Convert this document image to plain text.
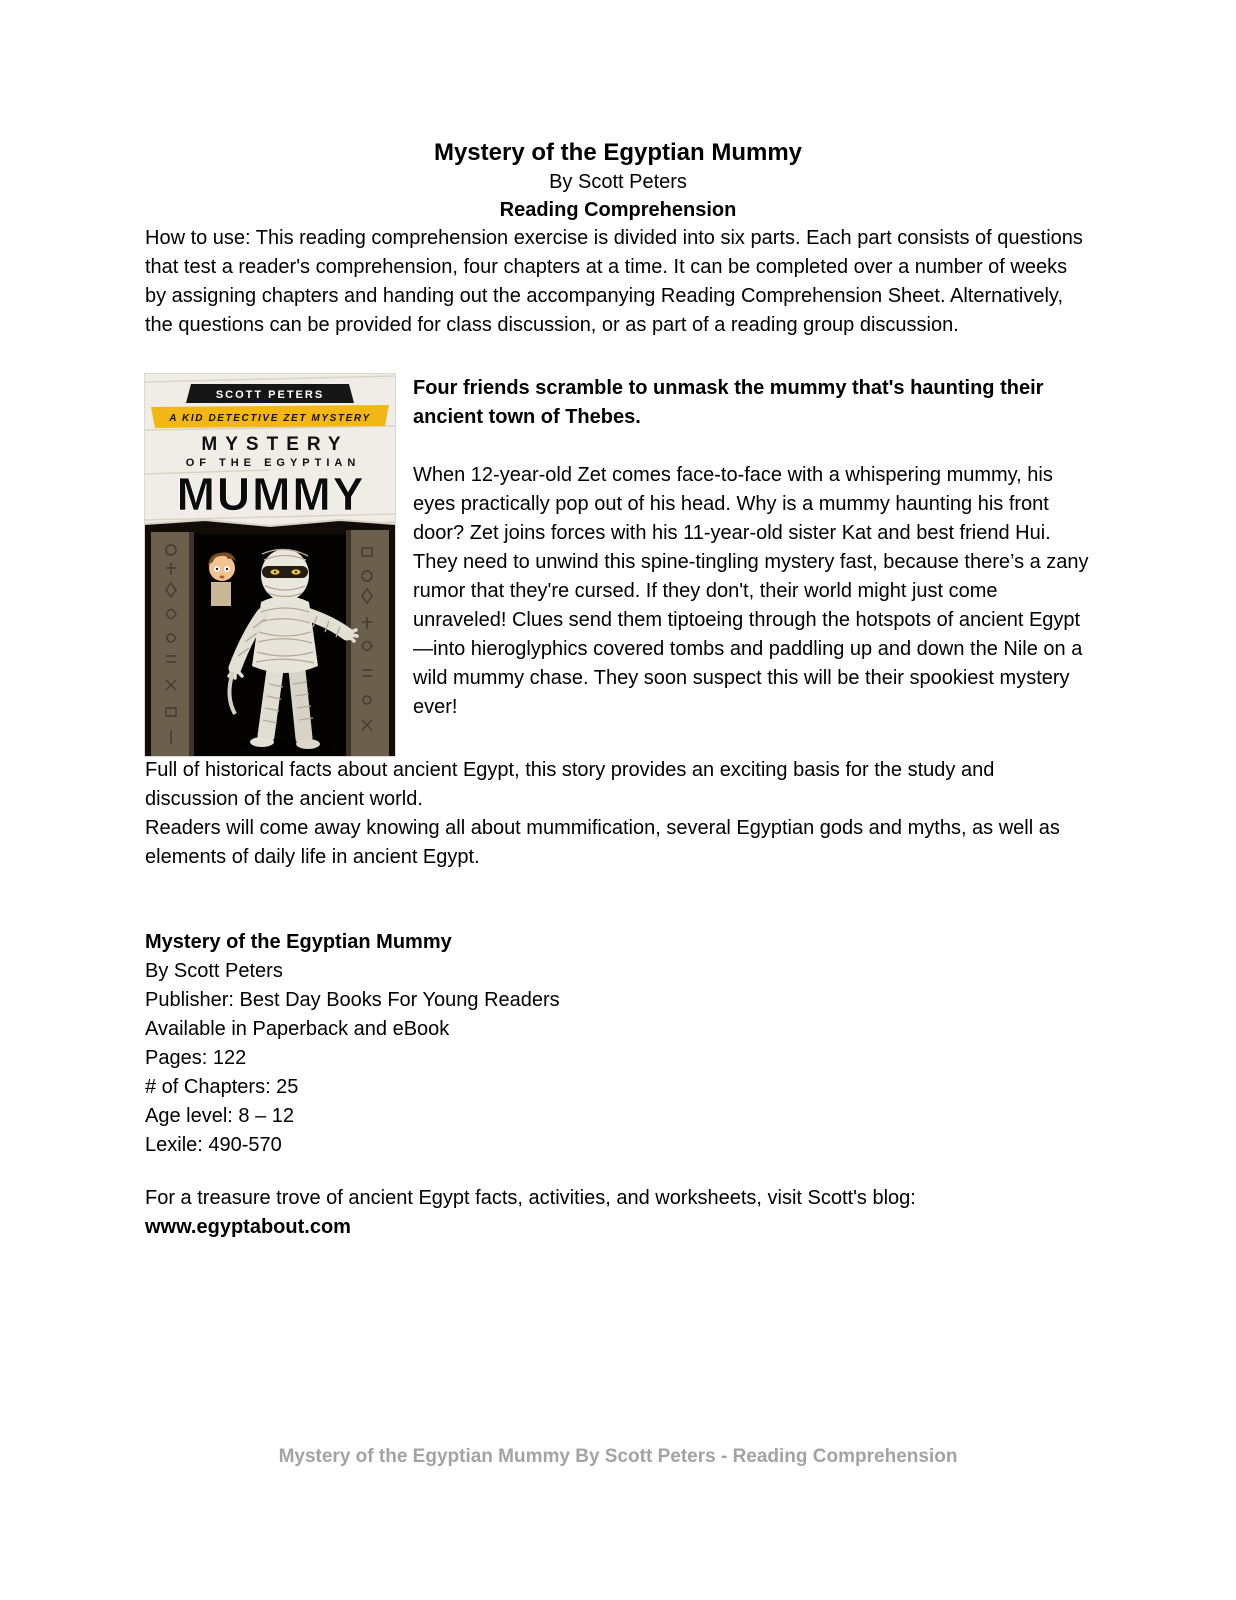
Mystery of the Egyptian Mummy

By Scott Peters

Reading Comprehension

How to use: This reading comprehension exercise is divided into six parts. Each part consists of questions that test a reader's comprehension, four chapters at a time. It can be completed over a number of weeks by assigning chapters and handing out the accompanying Reading Comprehension Sheet. Alternatively, the questions can be provided for class discussion, or as part of a reading group discussion.

SCOTT PETERS
A KID DETECTIVE ZET MYSTERY
MYSTERY
OF THE EGYPTIAN
MUMMY

Four friends scramble to unmask the mummy that's haunting their ancient town of Thebes.

When 12-year-old Zet comes face-to-face with a whispering mummy, his eyes practically pop out of his head. Why is a mummy haunting his front door? Zet joins forces with his 11-year-old sister Kat and best friend Hui. They need to unwind this spine-tingling mystery fast, because there’s a zany rumor that they're cursed. If they don't, their world might just come unraveled! Clues send them tiptoeing through the hotspots of ancient Egypt—into hieroglyphics covered tombs and paddling up and down the Nile on a wild mummy chase. They soon suspect this will be their spookiest mystery ever!

Full of historical facts about ancient Egypt, this story provides an exciting basis for the study and discussion of the ancient world.

Readers will come away knowing all about mummification, several Egyptian gods and myths, as well as elements of daily life in ancient Egypt.

Mystery of the Egyptian Mummy

By Scott Peters
Publisher: Best Day Books For Young Readers
Available in Paperback and eBook
Pages: 122
# of Chapters: 25
Age level: 8 – 12
Lexile: 490-570

For a treasure trove of ancient Egypt facts, activities, and worksheets, visit Scott's blog:

www.egyptabout.com
Mystery of the Egyptian Mummy By Scott Peters - Reading Comprehension
